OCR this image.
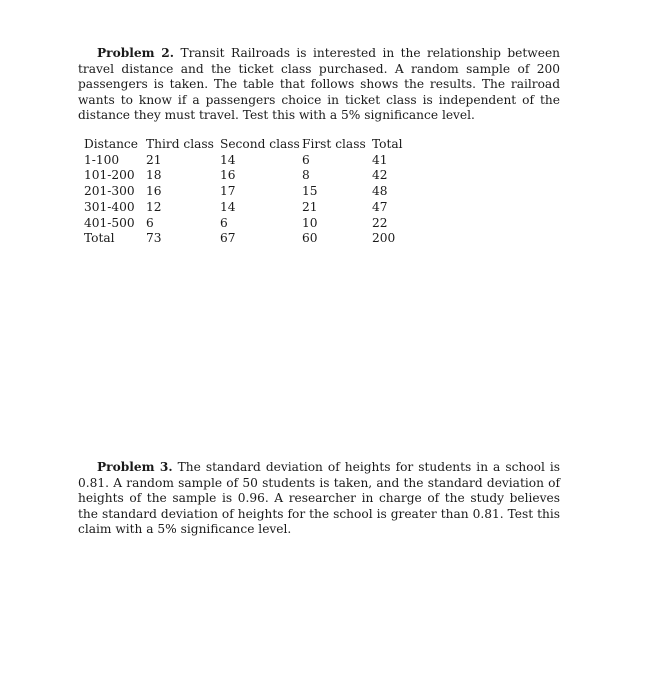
Problem 2. Transit Railroads is interested in the relationship between travel distance and the ticket class purchased. A random sample of 200 passengers is taken. The table that follows shows the results. The railroad wants to know if a passengers choice in ticket class is independent of the distance they must travel. Test this with a 5% significance level.

Distance	Third class	Second class	First class	Total
1-100	21	14	6	41
101-200	18	16	8	42
201-300	16	17	15	48
301-400	12	14	21	47
401-500	6	6	10	22
Total	73	67	60	200

Problem 3. The standard deviation of heights for students in a school is 0.81. A random sample of 50 students is taken, and the standard deviation of heights of the sample is 0.96. A researcher in charge of the study believes the standard deviation of heights for the school is greater than 0.81. Test this claim with a 5% significance level.
